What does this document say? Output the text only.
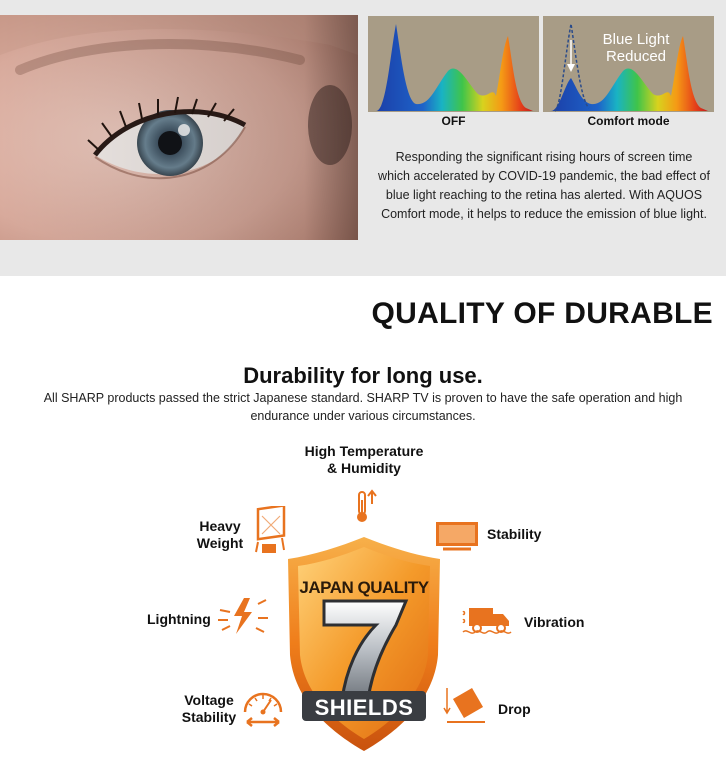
OFF
Blue Light
Reduced
Comfort mode
Responding the significant rising hours of screen time which accelerated by COVID-19 pandemic, the bad effect of blue light reaching to the retina has alerted. With AQUOS Comfort mode, it helps to reduce the emission of blue light.
QUALITY OF DURABLE
Durability for long use.
All SHARP products passed the strict Japanese standard. SHARP TV is proven to have the safe operation and high endurance under various circumstances.
High Temperature
& Humidity
Heavy
Weight
Stability
Lightning	Vibration
Voltage
Stability	Drop
JAPAN QUALITY
SHIELDS
